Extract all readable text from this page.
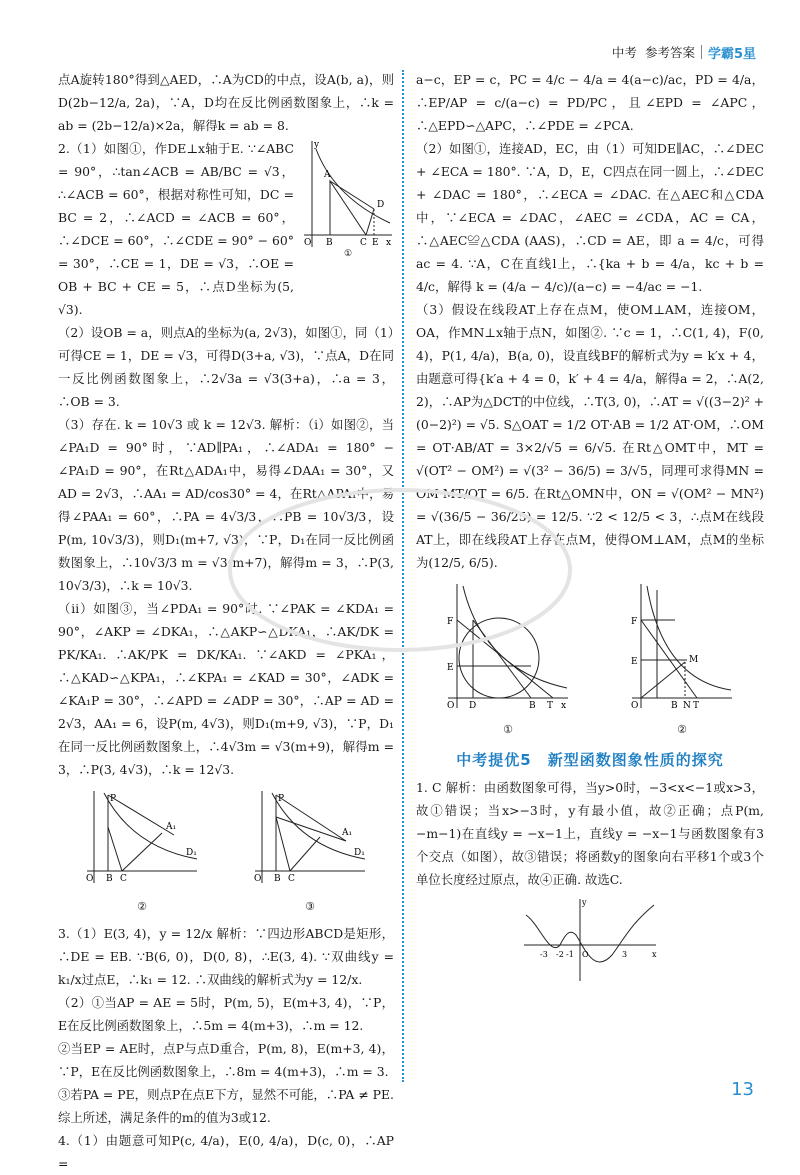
中考 参考答案 学霸5星

点A旋转180°得到△AED，∴A为CD的中点，设A(b, a)，则D(2b−12/a, 2a)，∵A，D均在反比例函数图象上，∴k = ab = (2b−12/a)×2a，解得k = ab = 8.

2.（1）如图①，作DE⊥x轴于E. ∵∠ABC = 90°，∴tan∠ACB = AB/BC = √3，∴∠ACB = 60°，根据对称性可知，DC = BC = 2，∴∠ACD = ∠ACB = 60°，∴∠DCE = 60°，∴∠CDE = 90° − 60° = 30°，∴CE = 1，DE = √3，∴OE = OB + BC + CE = 5，∴点D坐标为(5, √3).

A
D
B	C E
O	x
y
①

（2）设OB = a，则点A的坐标为(a, 2√3)，如图①，同（1）可得CE = 1，DE = √3，可得D(3+a, √3)，∵点A，D在同一反比例函数图象上，∴2√3a = √3(3+a)，∴a = 3，∴OB = 3.

（3）存在. k = 10√3 或 k = 12√3. 解析：（ⅰ）如图②，当∠PA₁D = 90°时，∵AD∥PA₁，∴∠ADA₁ = 180° − ∠PA₁D = 90°，在Rt△ADA₁中，易得∠DAA₁ = 30°，又AD = 2√3，∴AA₁ = AD/cos30° = 4，在Rt△APA₁中，易得∠PAA₁ = 60°，∴PA = 4√3/3，∴PB = 10√3/3，设P(m, 10√3/3)，则D₁(m+7, √3)，∵P，D₁在同一反比例函数图象上，∴10√3/3 m = √3(m+7)，解得m = 3，∴P(3, 10√3/3)，∴k = 10√3.

（ⅱ）如图③，当∠PDA₁ = 90°时. ∵∠PAK = ∠KDA₁ = 90°，∠AKP = ∠DKA₁，∴△AKP∽△DKA₁，∴AK/DK = PK/KA₁. ∴AK/PK = DK/KA₁. ∵∠AKD = ∠PKA₁，∴△KAD∽△KPA₁，∴∠KPA₁ = ∠KAD = 30°，∠ADK = ∠KA₁P = 30°，∴∠APD = ∠ADP = 30°，∴AP = AD = 2√3，AA₁ = 6，设P(m, 4√3)，则D₁(m+9, √3)，∵P，D₁在同一反比例函数图象上，∴4√3m = √3(m+9)，解得m = 3，∴P(3, 4√3)，∴k = 12√3.

P
A₁
D₁
O B C
②
P
A₁
D₁
O B C
③

3.（1）E(3, 4)，y = 12/x 解析：∵四边形ABCD是矩形，∴DE = EB. ∵B(6, 0)，D(0, 8)，∴E(3, 4). ∵双曲线y = k₁/x过点E，∴k₁ = 12. ∴双曲线的解析式为y = 12/x.

（2）①当AP = AE = 5时，P(m, 5)，E(m+3, 4)，∵P，E在反比例函数图象上，∴5m = 4(m+3)，∴m = 12.

②当EP = AE时，点P与点D重合，P(m, 8)，E(m+3, 4)，∵P，E在反比例函数图象上，∴8m = 4(m+3)，∴m = 3.

③若PA = PE，则点P在点E下方，显然不可能，∴PA ≠ PE. 综上所述，满足条件的m的值为3或12.

4.（1）由题意可知P(c, 4/a)，E(0, 4/a)，D(c, 0)，∴AP =

a−c，EP = c，PC = 4/c − 4/a = 4(a−c)/ac，PD = 4/a，∴EP/AP = c/(a−c) = PD/PC，且∠EPD = ∠APC，∴△EPD∽△APC，∴∠PDE = ∠PCA.

（2）如图①，连接AD，EC，由（1）可知DE∥AC，∴∠DEC + ∠ECA = 180°. ∵A，D，E，C四点在同一圆上，∴∠DEC + ∠DAC = 180°，∴∠ECA = ∠DAC. 在△AEC和△CDA中，∵∠ECA = ∠DAC，∠AEC = ∠CDA，AC = CA，∴△AEC≌△CDA (AAS)，∴CD = AE，即 a = 4/c，可得 ac = 4. ∵A，C在直线l上，∴{ka + b = 4/a，kc + b = 4/c，解得 k = (4/a − 4/c)/(a−c) = −4/ac = −1.

（3）假设在线段AT上存在点M，使OM⊥AM，连接OM，OA，作MN⊥x轴于点N，如图②. ∵c = 1，∴C(1, 4)，F(0, 4)，P(1, 4/a)，B(a, 0)，设直线BF的解析式为y = k′x + 4，由题意可得{k′a + 4 = 0，k′ + 4 = 4/a，解得a = 2，∴A(2, 2)，∴AP为△DCT的中位线，∴T(3, 0)，∴AT = √((3−2)² + (0−2)²) = √5. S△OAT = 1/2 OT·AB = 1/2 AT·OM，∴OM = OT·AB/AT = 3×2/√5 = 6/√5. 在Rt△OMT中，MT = √(OT² − OM²) = √(3² − 36/5) = 3/√5，同理可求得MN = OM·MT/OT = 6/5. 在Rt△OMN中，ON = √(OM² − MN²) = √(36/5 − 36/25) = 12/5. ∵2 < 12/5 < 3，∴点M在线段AT上，即在线段AT上存在点M，使得OM⊥AM，点M的坐标为(12/5, 6/5).

F
E
O D	B T x
①
F
E	M
O	B N T
②
中考提优5　新型函数图象性质的探究

1. C 解析：由函数图象可得，当y>0时，−3<x<−1或x>3，故①错误；当x>−3时，y有最小值，故②正确；点P(m, −m−1)在直线y = −x−1上，直线y = −x−1与函数图象有3个交点（如图），故③错误；将函数y的图象向右平移1个或3个单位长度经过原点，故④正确. 故选C.

-3 -2 -1 O	3	x
y
13
